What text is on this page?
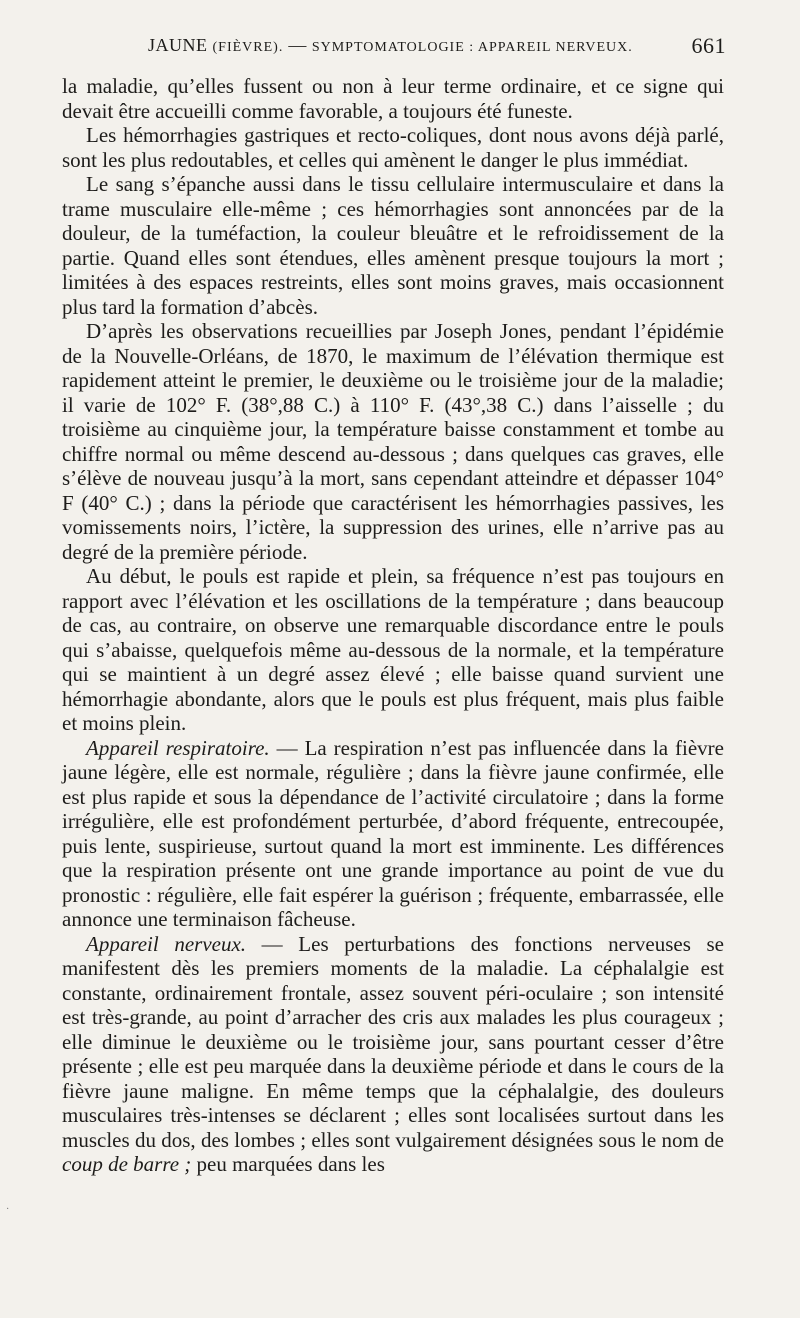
JAUNE (FIÈVRE). — SYMPTOMATOLOGIE : APPAREIL NERVEUX.	661

la maladie, qu’elles fussent ou non à leur terme ordinaire, et ce signe qui devait être accueilli comme favorable, a toujours été funeste.

Les hémorrhagies gastriques et recto-coliques, dont nous avons déjà parlé, sont les plus redoutables, et celles qui amènent le danger le plus immédiat.

Le sang s’épanche aussi dans le tissu cellulaire intermusculaire et dans la trame musculaire elle-même ; ces hémorrhagies sont annoncées par de la douleur, de la tuméfaction, la couleur bleuâtre et le refroidissement de la partie. Quand elles sont étendues, elles amènent presque toujours la mort ; limitées à des espaces restreints, elles sont moins graves, mais occasionnent plus tard la formation d’abcès.

D’après les observations recueillies par Joseph Jones, pendant l’épidémie de la Nouvelle-Orléans, de 1870, le maximum de l’élévation thermique est rapidement atteint le premier, le deuxième ou le troisième jour de la maladie; il varie de 102° F. (38°,88 C.) à 110° F. (43°,38 C.) dans l’aisselle ; du troisième au cinquième jour, la température baisse constamment et tombe au chiffre normal ou même descend au-dessous ; dans quelques cas graves, elle s’élève de nouveau jusqu’à la mort, sans cependant atteindre et dépasser 104° F (40° C.) ; dans la période que caractérisent les hémorrhagies passives, les vomissements noirs, l’ictère, la suppression des urines, elle n’arrive pas au degré de la première période.

Au début, le pouls est rapide et plein, sa fréquence n’est pas toujours en rapport avec l’élévation et les oscillations de la température ; dans beaucoup de cas, au contraire, on observe une remarquable discordance entre le pouls qui s’abaisse, quelquefois même au-dessous de la normale, et la température qui se maintient à un degré assez élevé ; elle baisse quand survient une hémorrhagie abondante, alors que le pouls est plus fréquent, mais plus faible et moins plein.

Appareil respiratoire. — La respiration n’est pas influencée dans la fièvre jaune légère, elle est normale, régulière ; dans la fièvre jaune confirmée, elle est plus rapide et sous la dépendance de l’activité circulatoire ; dans la forme irrégulière, elle est profondément perturbée, d’abord fréquente, entrecoupée, puis lente, suspirieuse, surtout quand la mort est imminente. Les différences que la respiration présente ont une grande importance au point de vue du pronostic : régulière, elle fait espérer la guérison ; fréquente, embarrassée, elle annonce une terminaison fâcheuse.

Appareil nerveux. — Les perturbations des fonctions nerveuses se manifestent dès les premiers moments de la maladie. La céphalalgie est constante, ordinairement frontale, assez souvent péri-oculaire ; son intensité est très-grande, au point d’arracher des cris aux malades les plus courageux ; elle diminue le deuxième ou le troisième jour, sans pourtant cesser d’être présente ; elle est peu marquée dans la deuxième période et dans le cours de la fièvre jaune maligne. En même temps que la céphalalgie, des douleurs musculaires très-intenses se déclarent ; elles sont localisées surtout dans les muscles du dos, des lombes ; elles sont vulgairement désignées sous le nom de coup de barre ; peu marquées dans les

·
